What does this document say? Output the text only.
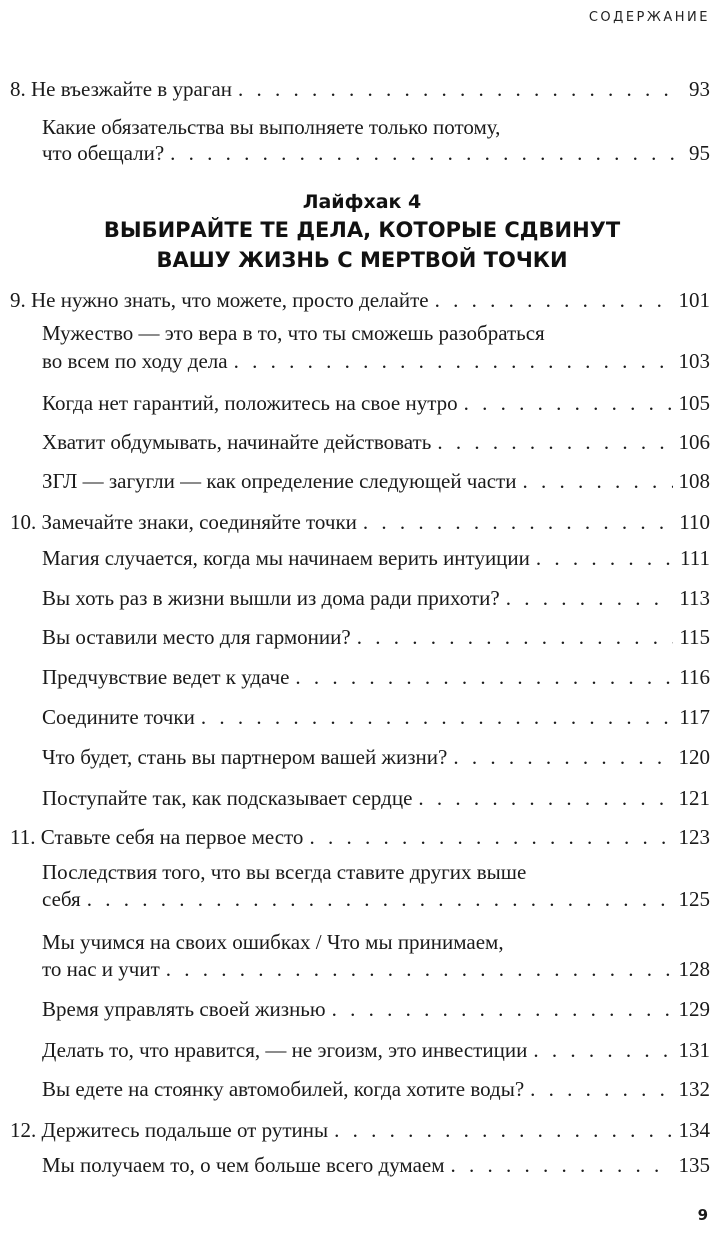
СОДЕРЖАНИЕ
8. Не въезжайте в ураган . . .	93
Какие обязательства вы выполняете только потому,
что обещали? . . .	95
Лайфхак 4
ВЫБИРАЙТЕ ТЕ ДЕЛА, КОТОРЫЕ СДВИНУТ
ВАШУ ЖИЗНЬ С МЕРТВОЙ ТОЧКИ
9. Не нужно знать, что можете, просто делайте . . .	101
Мужество — это вера в то, что ты сможешь разобраться
во всем по ходу дела . . .	103
Когда нет гарантий, положитесь на свое нутро . . .	105
Хватит обдумывать, начинайте действовать . . .	106
ЗГЛ — загугли — как определение следующей части . . .	108
10. Замечайте знаки, соединяйте точки . . .	110
Магия случается, когда мы начинаем верить интуиции . . .	111
Вы хоть раз в жизни вышли из дома ради прихоти? . . .	113
Вы оставили место для гармонии? . . .	115
Предчувствие ведет к удаче . . .	116
Соедините точки . . .	117
Что будет, стань вы партнером вашей жизни? . . .	120
Поступайте так, как подсказывает сердце . . .	121
11. Ставьте себя на первое место . . .	123
Последствия того, что вы всегда ставите других выше
себя . . .	125
Мы учимся на своих ошибках / Что мы принимаем,
то нас и учит . . .	128
Время управлять своей жизнью . . .	129
Делать то, что нравится, — не эгоизм, это инвестиции . . .	131
Вы едете на стоянку автомобилей, когда хотите воды? . . .	132
12. Держитесь подальше от рутины . . .	134
Мы получаем то, о чем больше всего думаем . . .	135
9
